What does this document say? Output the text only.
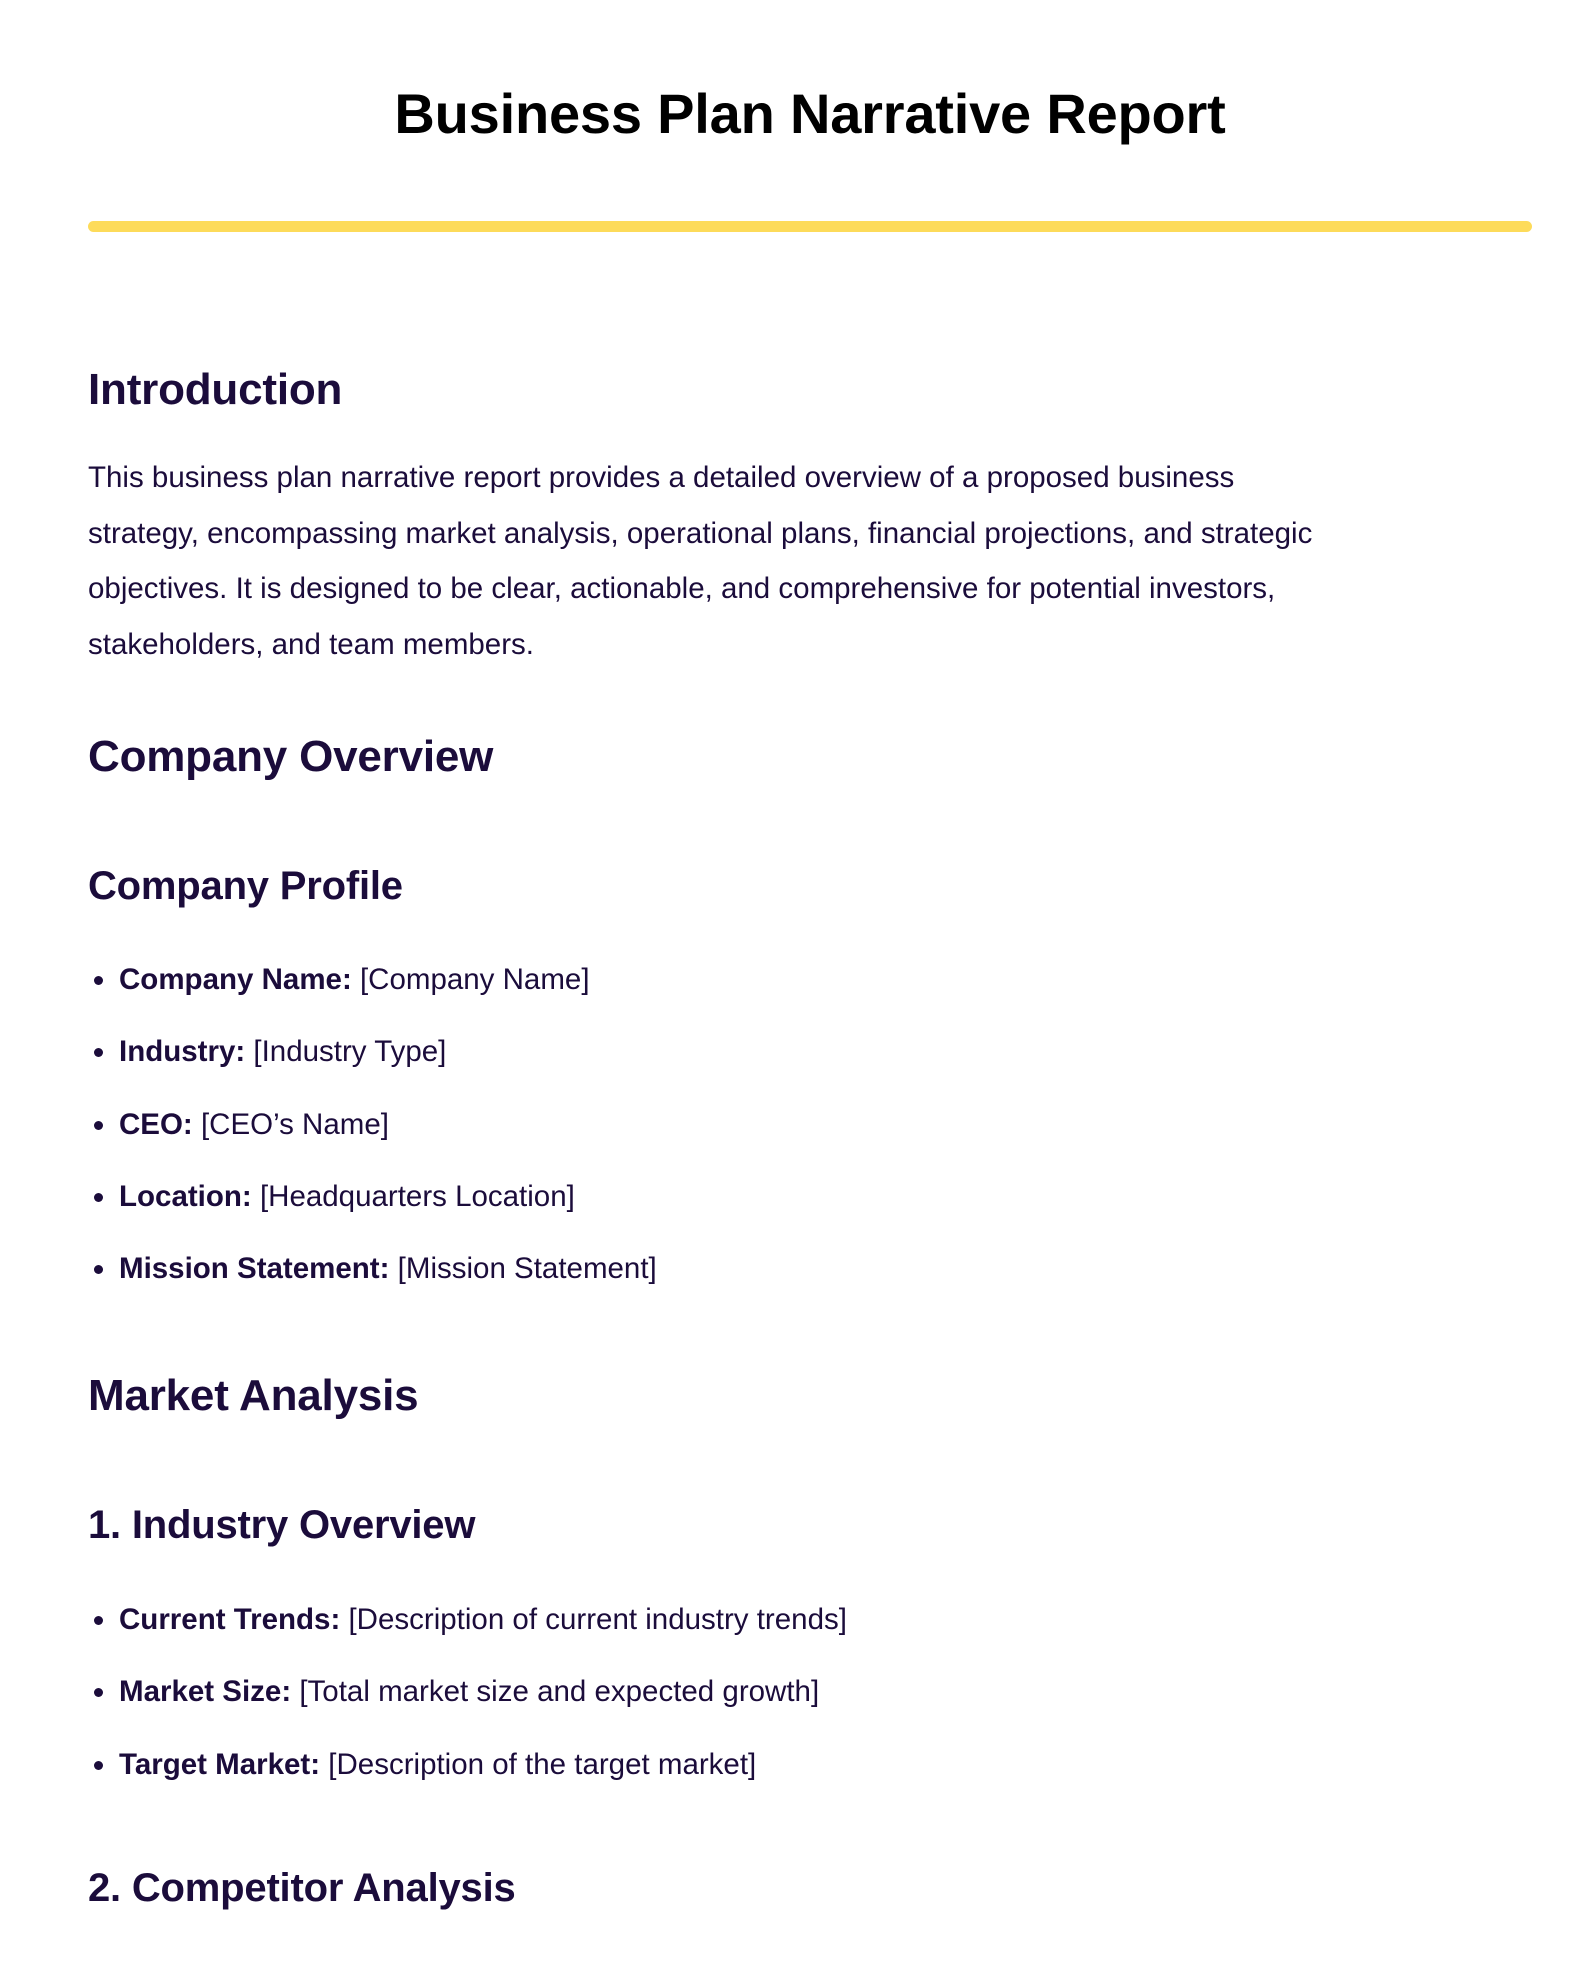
Business Plan Narrative Report
Introduction

This business plan narrative report provides a detailed overview of a proposed business
strategy, encompassing market analysis, operational plans, financial projections, and strategic
objectives. It is designed to be clear, actionable, and comprehensive for potential investors,
stakeholders, and team members.

Company Overview
Company Profile
Company Name: [Company Name]
Industry: [Industry Type]
CEO: [CEO’s Name]
Location: [Headquarters Location]
Mission Statement: [Mission Statement]
Market Analysis
1. Industry Overview
Current Trends: [Description of current industry trends]
Market Size: [Total market size and expected growth]
Target Market: [Description of the target market]
2. Competitor Analysis
